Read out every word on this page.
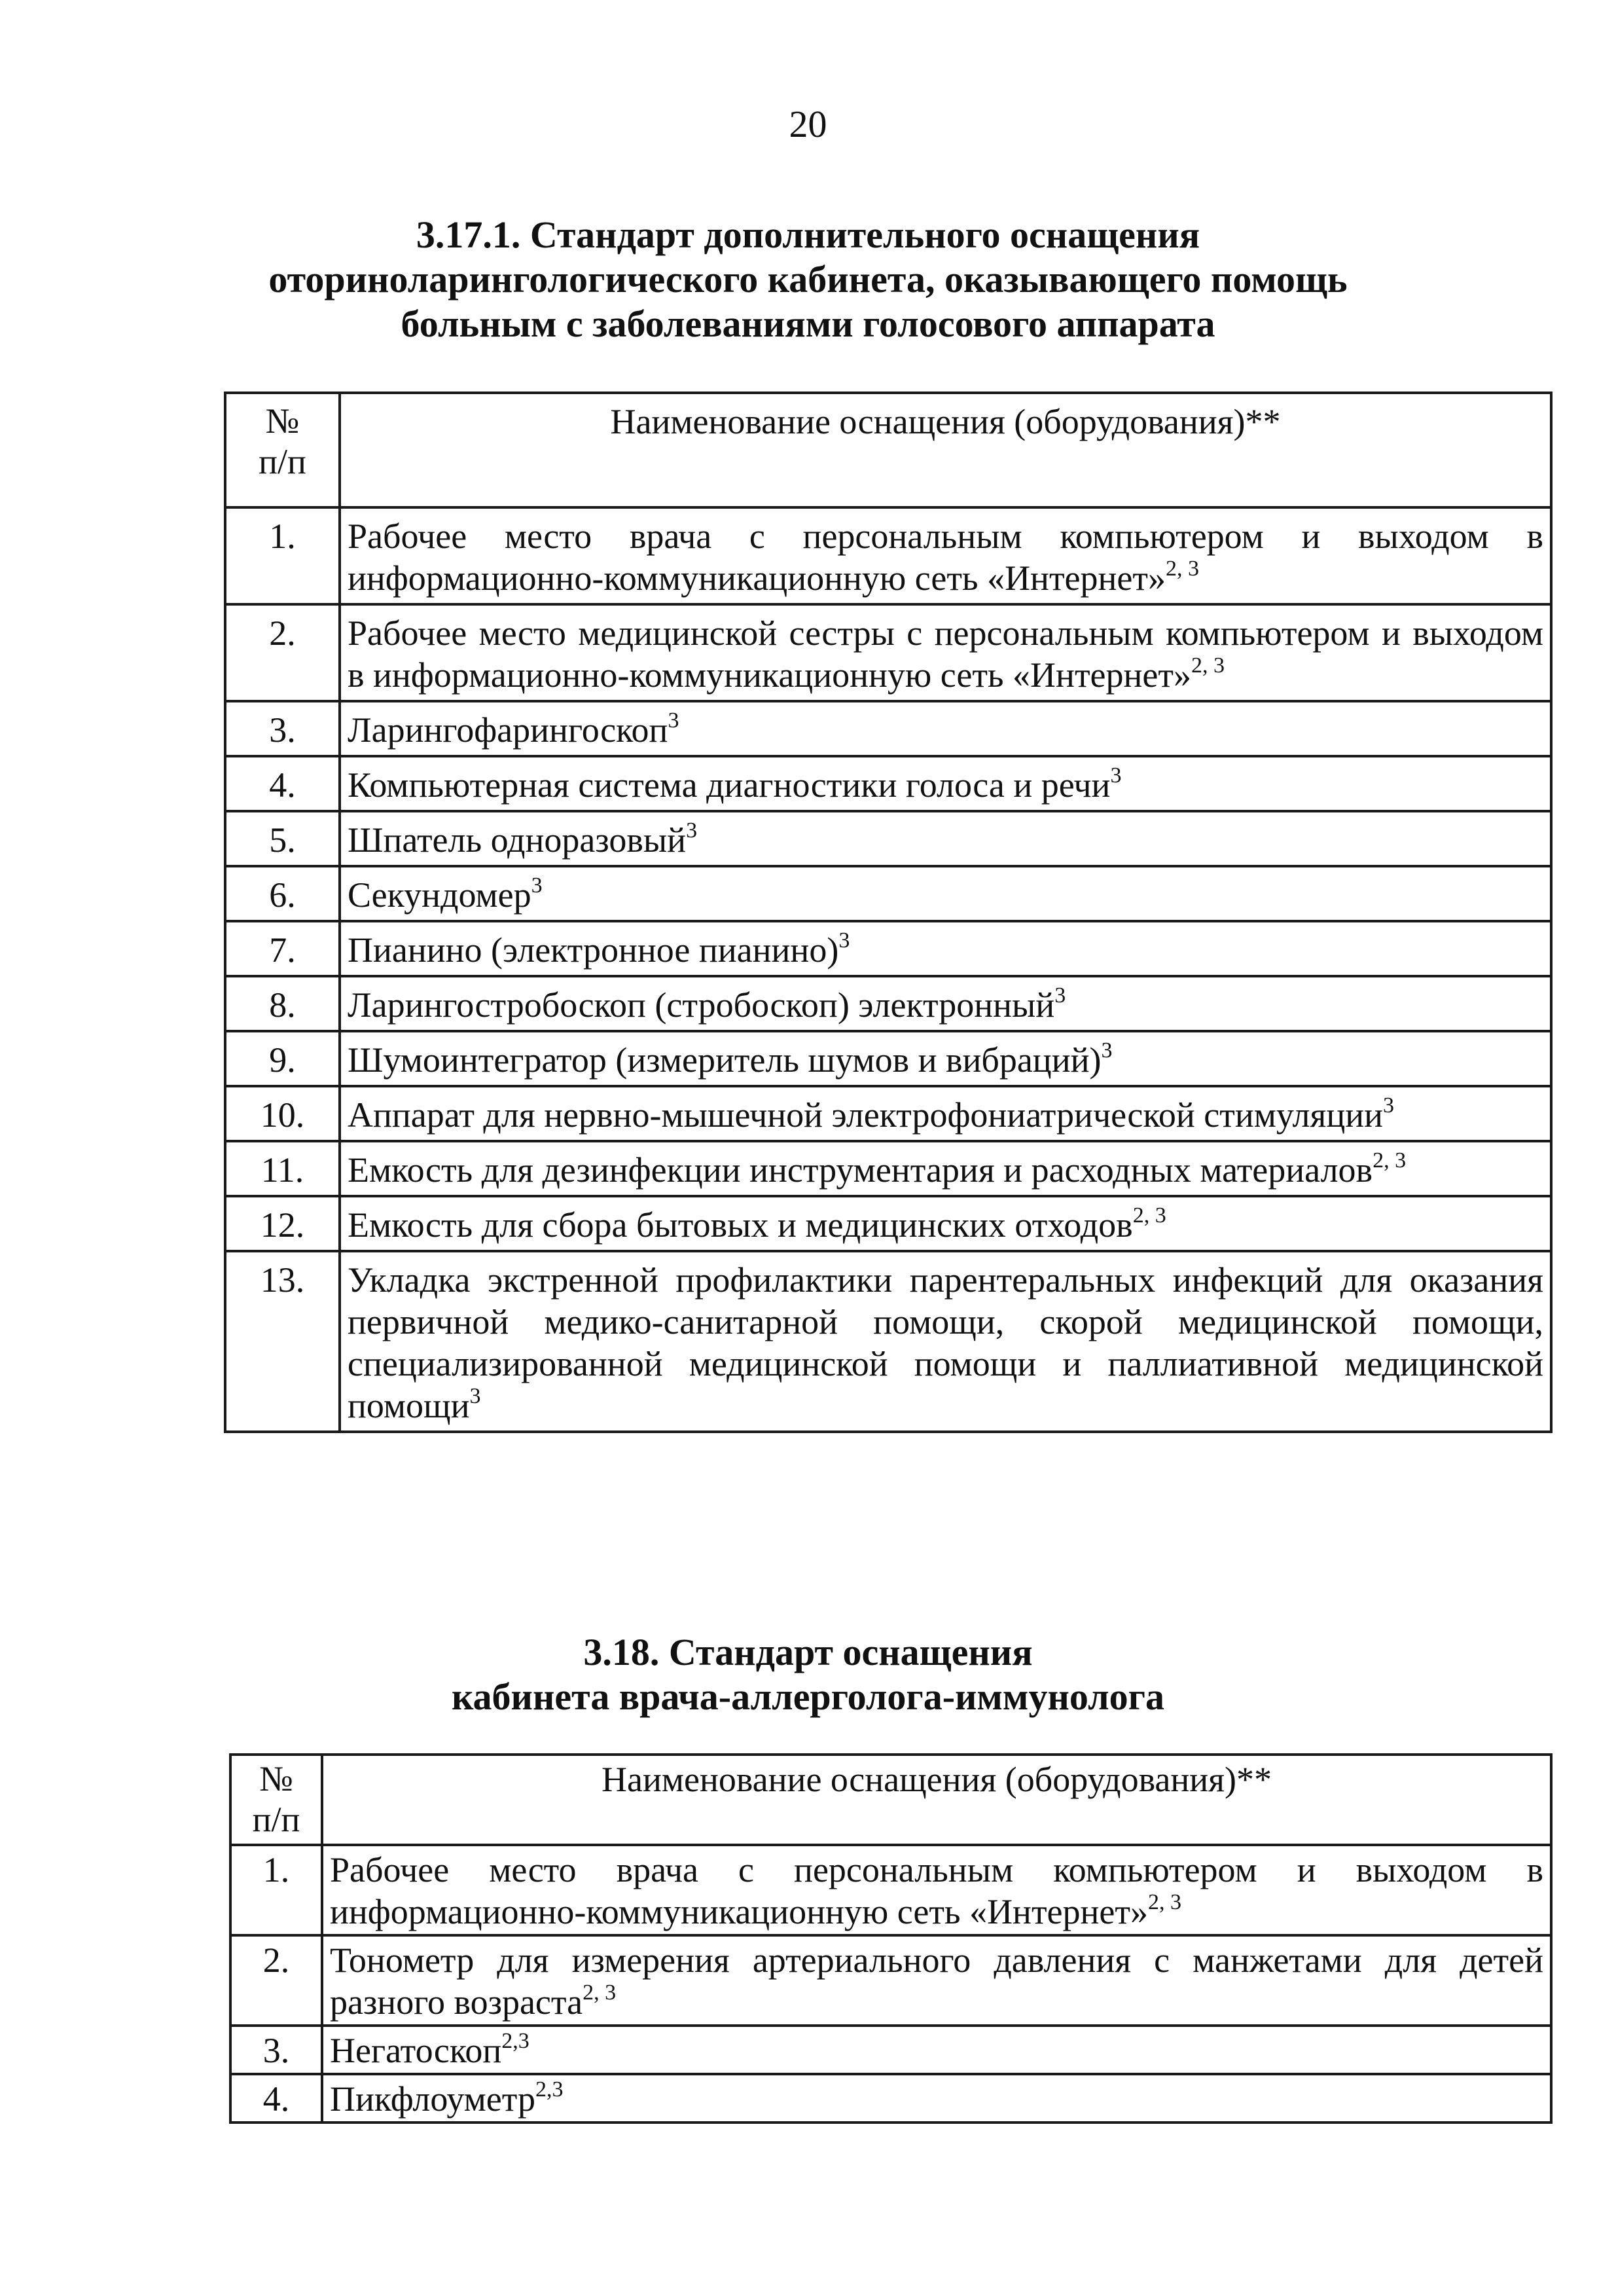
20
3.17.1. Стандарт дополнительного оснащения
оториноларингологического кабинета, оказывающего помощь
больным с заболеваниями голосового аппарата
№
п/п	Наименование оснащения (оборудования)**
1.	Рабочее место врача с персональным компьютером и выходом в информационно-коммуникационную сеть «Интернет»$^{2, 3}$
2.	Рабочее место медицинской сестры с персональным компьютером и выходом в информационно-коммуникационную сеть «Интернет»$^{2, 3}$
3.	Ларингофарингоскоп$^3$
4.	Компьютерная система диагностики голоса и речи$^3$
5.	Шпатель одноразовый$^3$
6.	Секундомер$^3$
7.	Пианино (электронное пианино)$^3$
8.	Ларингостробоскоп (стробоскоп) электронный$^3$
9.	Шумоинтегратор (измеритель шумов и вибраций)$^3$
10.	Аппарат для нервно-мышечной электрофониатрической стимуляции$^3$
11.	Емкость для дезинфекции инструментария и расходных материалов$^{2, 3}$
12.	Емкость для сбора бытовых и медицинских отходов$^{2, 3}$
13.	Укладка экстренной профилактики парентеральных инфекций для оказания первичной медико-санитарной помощи, скорой медицинской помощи, специализированной медицинской помощи и паллиативной медицинской помощи$^3$
3.18. Стандарт оснащения
кабинета врача-аллерголога-иммунолога
№
п/п	Наименование оснащения (оборудования)**
1.	Рабочее место врача с персональным компьютером и выходом в информационно-коммуникационную сеть «Интернет»$^{2, 3}$
2.	Тонометр для измерения артериального давления с манжетами для детей разного возраста$^{2, 3}$
3.	Негатоскоп$^{2,3}$
4.	Пикфлоуметр$^{2,3}$
